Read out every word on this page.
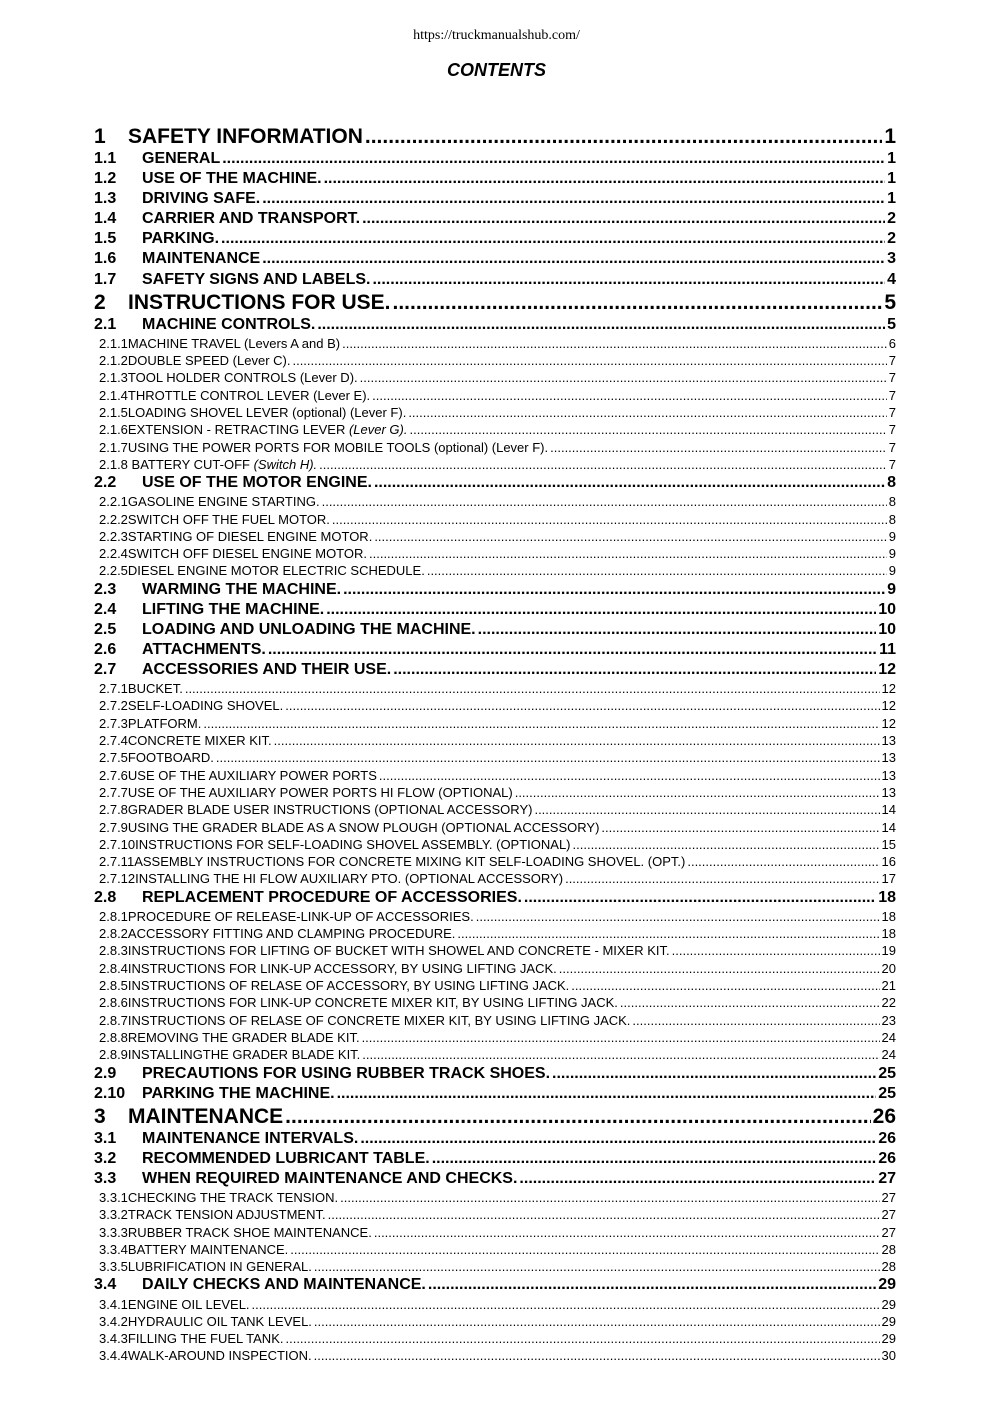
https://truckmanualshub.com/
CONTENTS
1	SAFETY INFORMATION .....	1
1.1	GENERAL .....	1
1.2	USE OF THE MACHINE. .....	1
1.3	DRIVING SAFE. .....	1
1.4	CARRIER AND TRANSPORT. .....	2
1.5	PARKING. .....	2
1.6	MAINTENANCE .....	3
1.7	SAFETY SIGNS AND LABELS. .....	4
2	INSTRUCTIONS FOR USE. .....	5
2.1	MACHINE CONTROLS. .....	5
2.1.1 MACHINE TRAVEL (Levers A and B) .....	6
2.1.2 DOUBLE SPEED (Lever C). .....	7
2.1.3 TOOL HOLDER CONTROLS (Lever D). .....	7
2.1.4 THROTTLE CONTROL LEVER (Lever E). .....	7
2.1.5 LOADING SHOVEL LEVER (optional) (Lever F). .....	7
2.1.6 EXTENSION - RETRACTING LEVER (Lever G). .....	7
2.1.7 USING THE POWER PORTS FOR MOBILE TOOLS (optional) (Lever F). .....	7
2.1.8 BATTERY CUT-OFF (Switch H). .....	7
2.2	USE OF THE MOTOR ENGINE. .....	8
2.2.1 GASOLINE ENGINE STARTING. .....	8
2.2.2 SWITCH OFF THE FUEL MOTOR. .....	8
2.2.3 STARTING OF DIESEL ENGINE MOTOR. .....	9
2.2.4 SWITCH OFF DIESEL ENGINE MOTOR. .....	9
2.2.5 DIESEL ENGINE MOTOR ELECTRIC SCHEDULE. .....	9
2.3	WARMING THE MACHINE. .....	9
2.4	LIFTING THE MACHINE. .....	10
2.5	LOADING AND UNLOADING THE MACHINE. .....	10
2.6	ATTACHMENTS. .....	11
2.7	ACCESSORIES AND THEIR USE. .....	12
2.7.1 BUCKET. .....	12
2.7.2 SELF-LOADING SHOVEL. .....	12
2.7.3 PLATFORM. .....	12
2.7.4 CONCRETE MIXER KIT. .....	13
2.7.5 FOOTBOARD. .....	13
2.7.6 USE OF THE AUXILIARY POWER PORTS .....	13
2.7.7 USE OF THE AUXILIARY POWER PORTS HI FLOW (OPTIONAL) .....	13
2.7.8 GRADER BLADE USER INSTRUCTIONS (OPTIONAL ACCESSORY) .....	14
2.7.9 USING THE GRADER BLADE AS A SNOW PLOUGH (OPTIONAL ACCESSORY) .....	14
2.7.10 INSTRUCTIONS FOR SELF-LOADING SHOVEL ASSEMBLY. (OPTIONAL) .....	15
2.7.11 ASSEMBLY INSTRUCTIONS FOR CONCRETE MIXING KIT SELF-LOADING SHOVEL. (OPT.) .....	16
2.7.12 INSTALLING THE HI FLOW AUXILIARY PTO. (OPTIONAL ACCESSORY) .....	17
2.8	REPLACEMENT PROCEDURE OF ACCESSORIES. .....	18
2.8.1 PROCEDURE OF RELEASE-LINK-UP OF ACCESSORIES. .....	18
2.8.2 ACCESSORY FITTING AND CLAMPING PROCEDURE. .....	18
2.8.3 INSTRUCTIONS FOR LIFTING OF BUCKET WITH SHOWEL AND CONCRETE - MIXER KIT. .....	19
2.8.4 INSTRUCTIONS FOR LINK-UP ACCESSORY, BY USING LIFTING JACK. .....	20
2.8.5 INSTRUCTIONS OF RELASE OF ACCESSORY, BY USING LIFTING JACK. .....	21
2.8.6 INSTRUCTIONS FOR LINK-UP CONCRETE MIXER KIT, BY USING LIFTING JACK. .....	22
2.8.7 INSTRUCTIONS OF RELASE OF CONCRETE MIXER KIT, BY USING LIFTING JACK. .....	23
2.8.8 REMOVING THE GRADER BLADE KIT. .....	24
2.8.9 INSTALLINGTHE GRADER BLADE KIT. .....	24
2.9	PRECAUTIONS FOR USING RUBBER TRACK SHOES. .....	25
2.10	PARKING THE MACHINE. .....	25
3	MAINTENANCE .....	26
3.1	MAINTENANCE INTERVALS. .....	26
3.2	RECOMMENDED LUBRICANT TABLE. .....	26
3.3	WHEN REQUIRED MAINTENANCE AND CHECKS. .....	27
3.3.1 CHECKING THE TRACK TENSION. .....	27
3.3.2 TRACK TENSION ADJUSTMENT. .....	27
3.3.3 RUBBER TRACK SHOE MAINTENANCE. .....	27
3.3.4 BATTERY MAINTENANCE. .....	28
3.3.5 LUBRIFICATION IN GENERAL. .....	28
3.4	DAILY CHECKS AND MAINTENANCE. .....	29
3.4.1 ENGINE OIL LEVEL. .....	29
3.4.2 HYDRAULIC OIL TANK LEVEL. .....	29
3.4.3 FILLING THE FUEL TANK. .....	29
3.4.4 WALK-AROUND INSPECTION. .....	30
